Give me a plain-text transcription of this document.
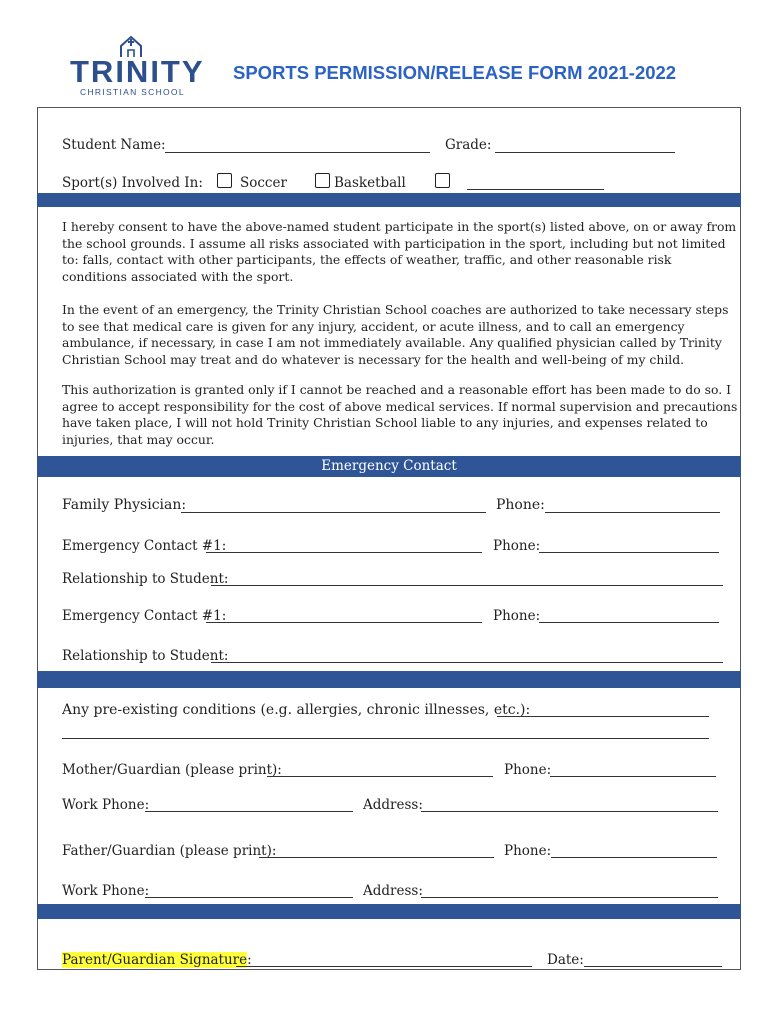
TRINITY
CHRISTIAN SCHOOL
SPORTS PERMISSION/RELEASE FORM 2021-2022
Student Name:	Grade:
Sport(s) Involved In:	Soccer	Basketball
I hereby consent to have the above-named student participate in the sport(s) listed above, on or away from the school grounds. I assume all risks associated with participation in the sport, including but not limited to: falls, contact with other participants, the effects of weather, traffic, and other reasonable risk conditions associated with the sport.
In the event of an emergency, the Trinity Christian School coaches are authorized to take necessary steps to see that medical care is given for any injury, accident, or acute illness, and to call an emergency ambulance, if necessary, in case I am not immediately available. Any qualified physician called by Trinity Christian School may treat and do whatever is necessary for the health and well-being of my child.
This authorization is granted only if I cannot be reached and a reasonable effort has been made to do so. I agree to accept responsibility for the cost of above medical services. If normal supervision and precautions have taken place, I will not hold Trinity Christian School liable to any injuries, and expenses related to injuries, that may occur.
Emergency Contact
Family Physician:	Phone:
Emergency Contact #1:	Phone:
Relationship to Student:
Emergency Contact #1:	Phone:
Relationship to Student:
Any pre-existing conditions (e.g. allergies, chronic illnesses, etc.):
Mother/Guardian (please print):	Phone:
Work Phone:	Address:
Father/Guardian (please print):	Phone:
Work Phone:	Address:
Parent/Guardian Signature:	Date:
